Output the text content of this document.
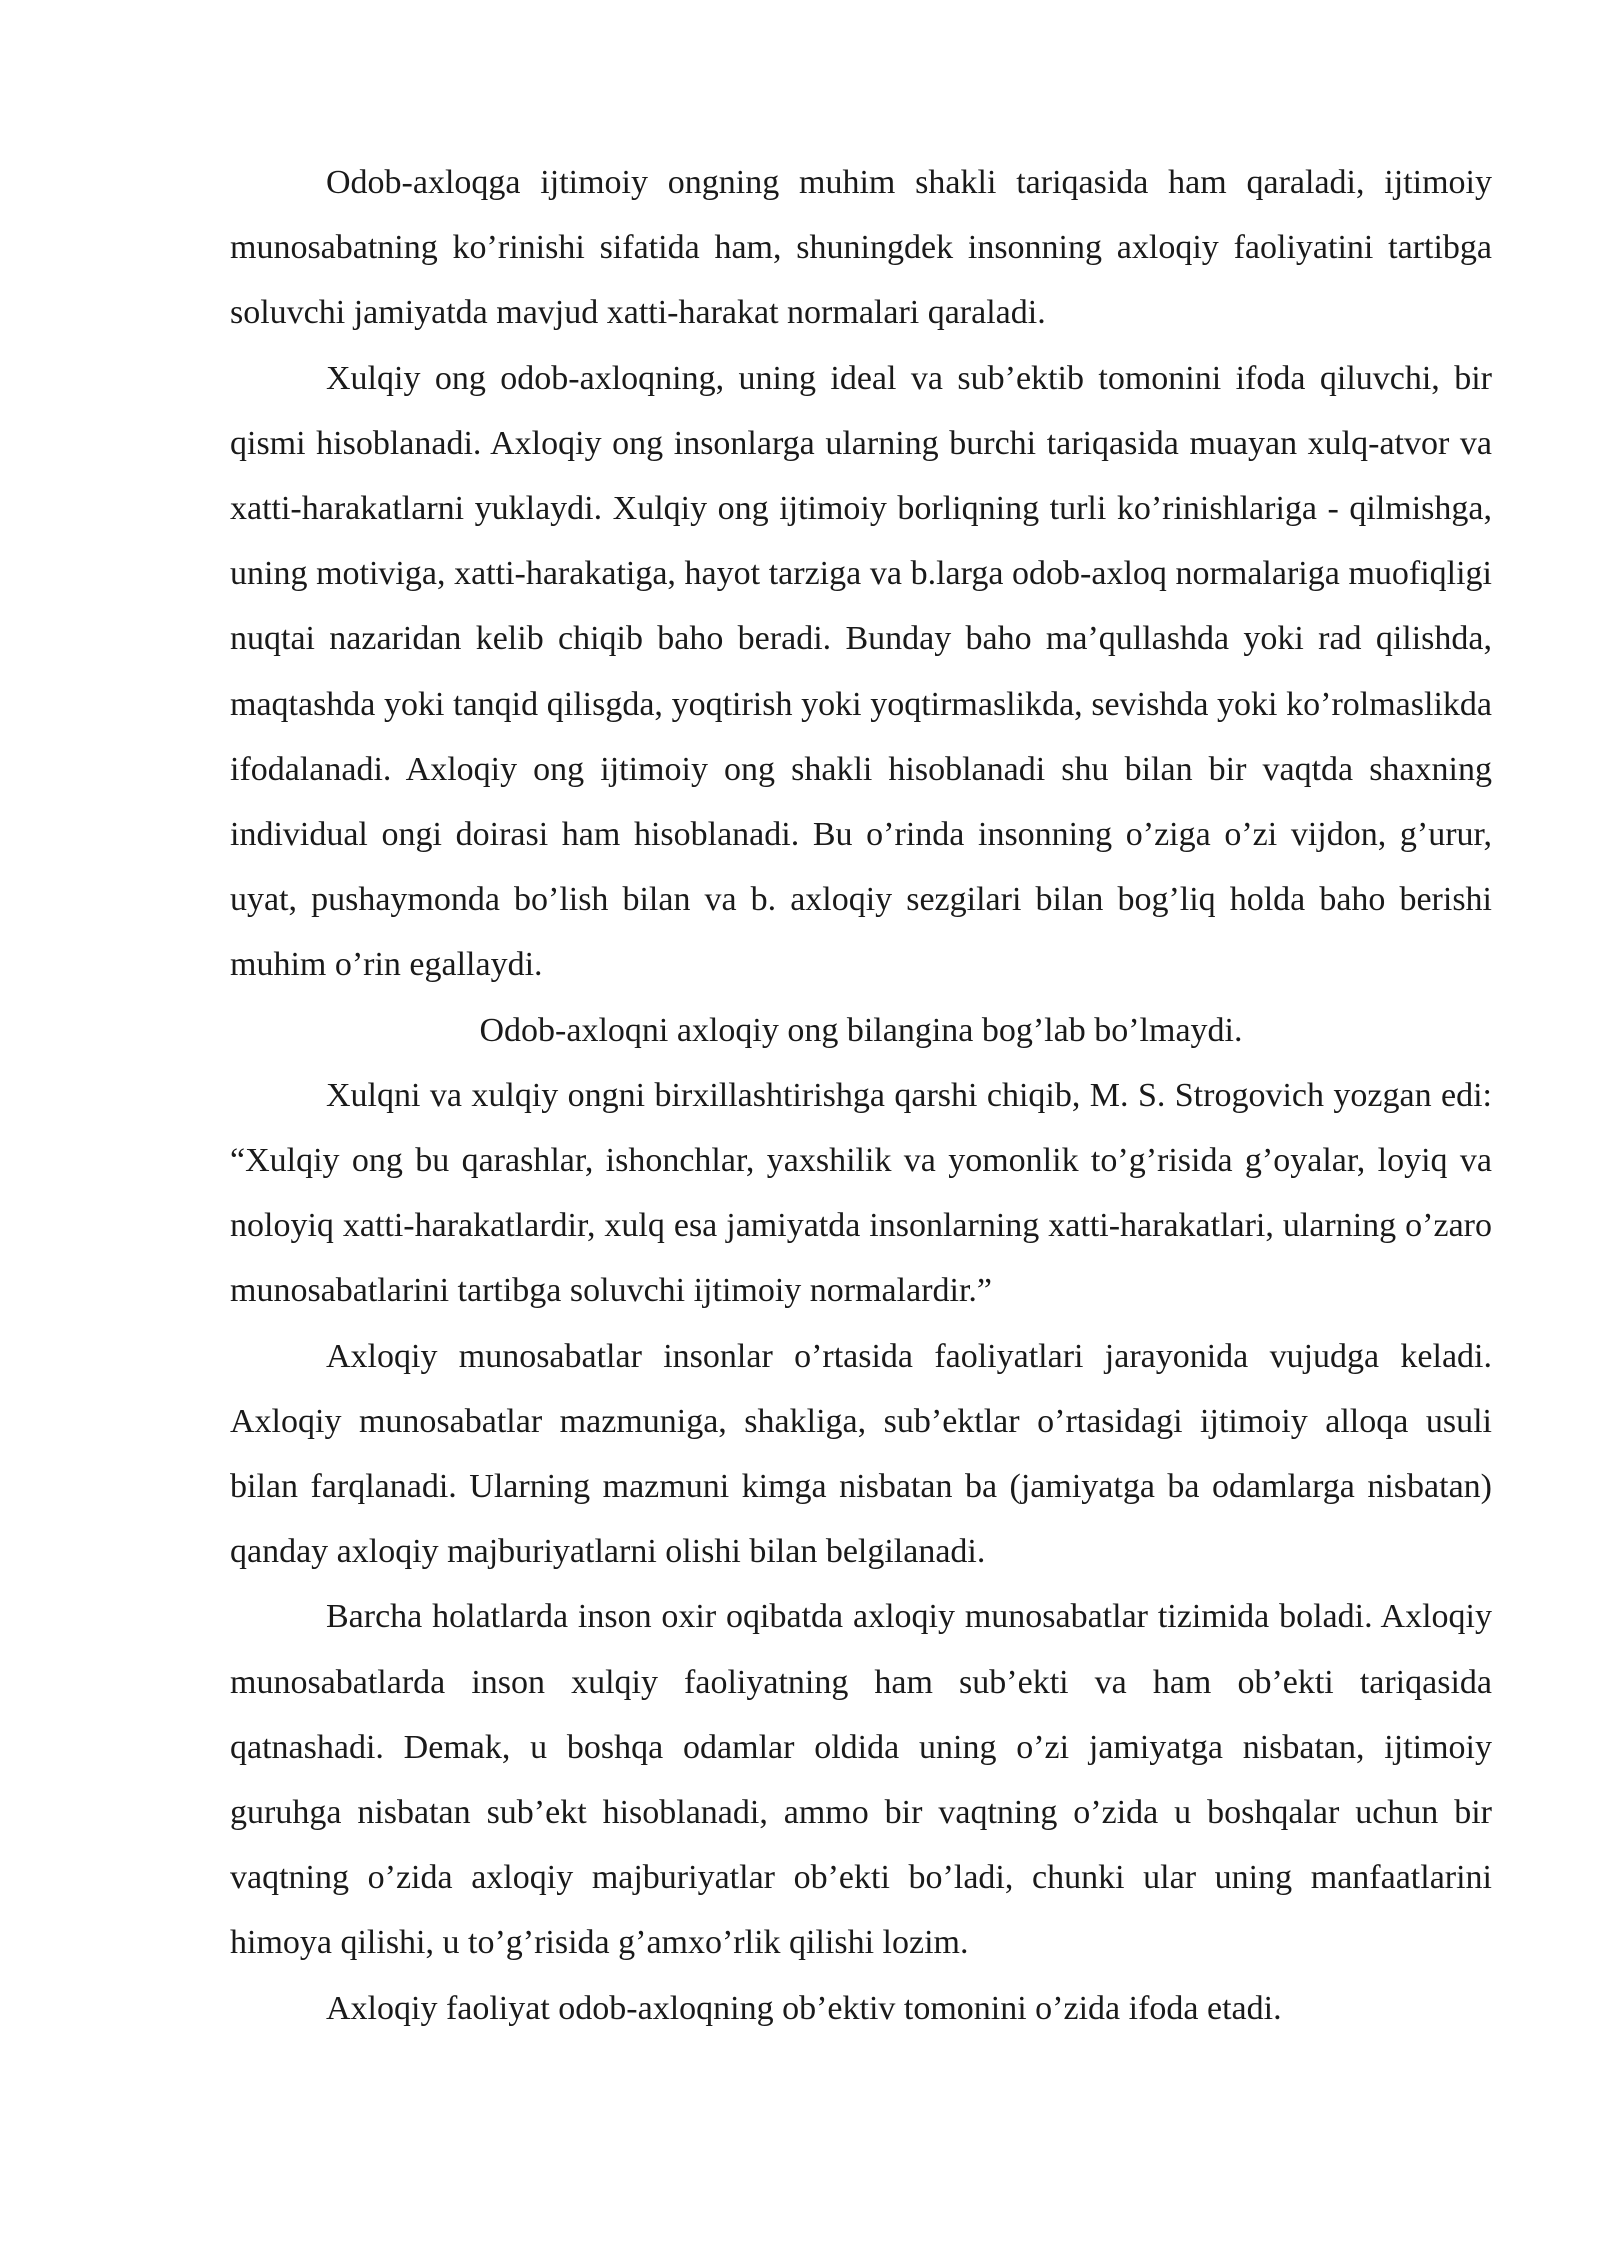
Odob-axloqga ijtimoiy ongning muhim shakli tariqasida ham qaraladi, ijtimoiy munosabatning ko’rinishi sifatida ham, shuningdek insonning axloqiy faoliyatini tartibga soluvchi jamiyatda mavjud xatti-harakat normalari qaraladi.

Xulqiy ong odob-axloqning, uning ideal va sub’ektib tomonini ifoda qiluvchi, bir qismi hisoblanadi. Axloqiy ong insonlarga ularning burchi tariqasida muayan xulq-atvor va xatti-harakatlarni yuklaydi. Xulqiy ong ijtimoiy borliqning turli ko’rinishlariga - qilmishga, uning motiviga, xatti-harakatiga, hayot tarziga va b.larga odob-axloq normalariga muofiqligi nuqtai nazaridan kelib chiqib baho beradi. Bunday baho ma’qullashda yoki rad qilishda, maqtashda yoki tanqid qilisgda, yoqtirish yoki yoqtirmaslikda, sevishda yoki ko’rolmaslikda ifodalanadi. Axloqiy ong ijtimoiy ong shakli hisoblanadi shu bilan bir vaqtda shaxning individual ongi doirasi ham hisoblanadi. Bu o’rinda insonning o’ziga o’zi vijdon, g’urur, uyat, pushaymonda bo’lish bilan va b. axloqiy sezgilari bilan bog’liq holda baho berishi muhim o’rin egallaydi.

Odob-axloqni axloqiy ong bilangina bog’lab bo’lmaydi.

Xulqni va xulqiy ongni birxillashtirishga qarshi chiqib, M. S. Strogovich yozgan edi: “Xulqiy ong bu qarashlar, ishonchlar, yaxshilik va yomonlik to’g’risida g’oyalar, loyiq va noloyiq xatti-harakatlardir, xulq esa jamiyatda insonlarning xatti-harakatlari, ularning o’zaro munosabatlarini tartibga soluvchi ijtimoiy normalardir.”

Axloqiy munosabatlar insonlar o’rtasida faoliyatlari jarayonida vujudga keladi. Axloqiy munosabatlar mazmuniga, shakliga, sub’ektlar o’rtasidagi ijtimoiy alloqa usuli bilan farqlanadi. Ularning mazmuni kimga nisbatan ba (jamiyatga ba odamlarga nisbatan) qanday axloqiy majburiyatlarni olishi bilan belgilanadi.

Barcha holatlarda inson oxir oqibatda axloqiy munosabatlar tizimida boladi. Axloqiy munosabatlarda inson xulqiy faoliyatning ham sub’ekti va ham ob’ekti tariqasida qatnashadi. Demak, u boshqa odamlar oldida uning o’zi jamiyatga nisbatan, ijtimoiy guruhga nisbatan sub’ekt hisoblanadi, ammo bir vaqtning o’zida u boshqalar uchun bir vaqtning o’zida axloqiy majburiyatlar ob’ekti bo’ladi, chunki ular uning manfaatlarini himoya qilishi, u to’g’risida g’amxo’rlik qilishi lozim.

Axloqiy faoliyat odob-axloqning ob’ektiv tomonini o’zida ifoda etadi.
